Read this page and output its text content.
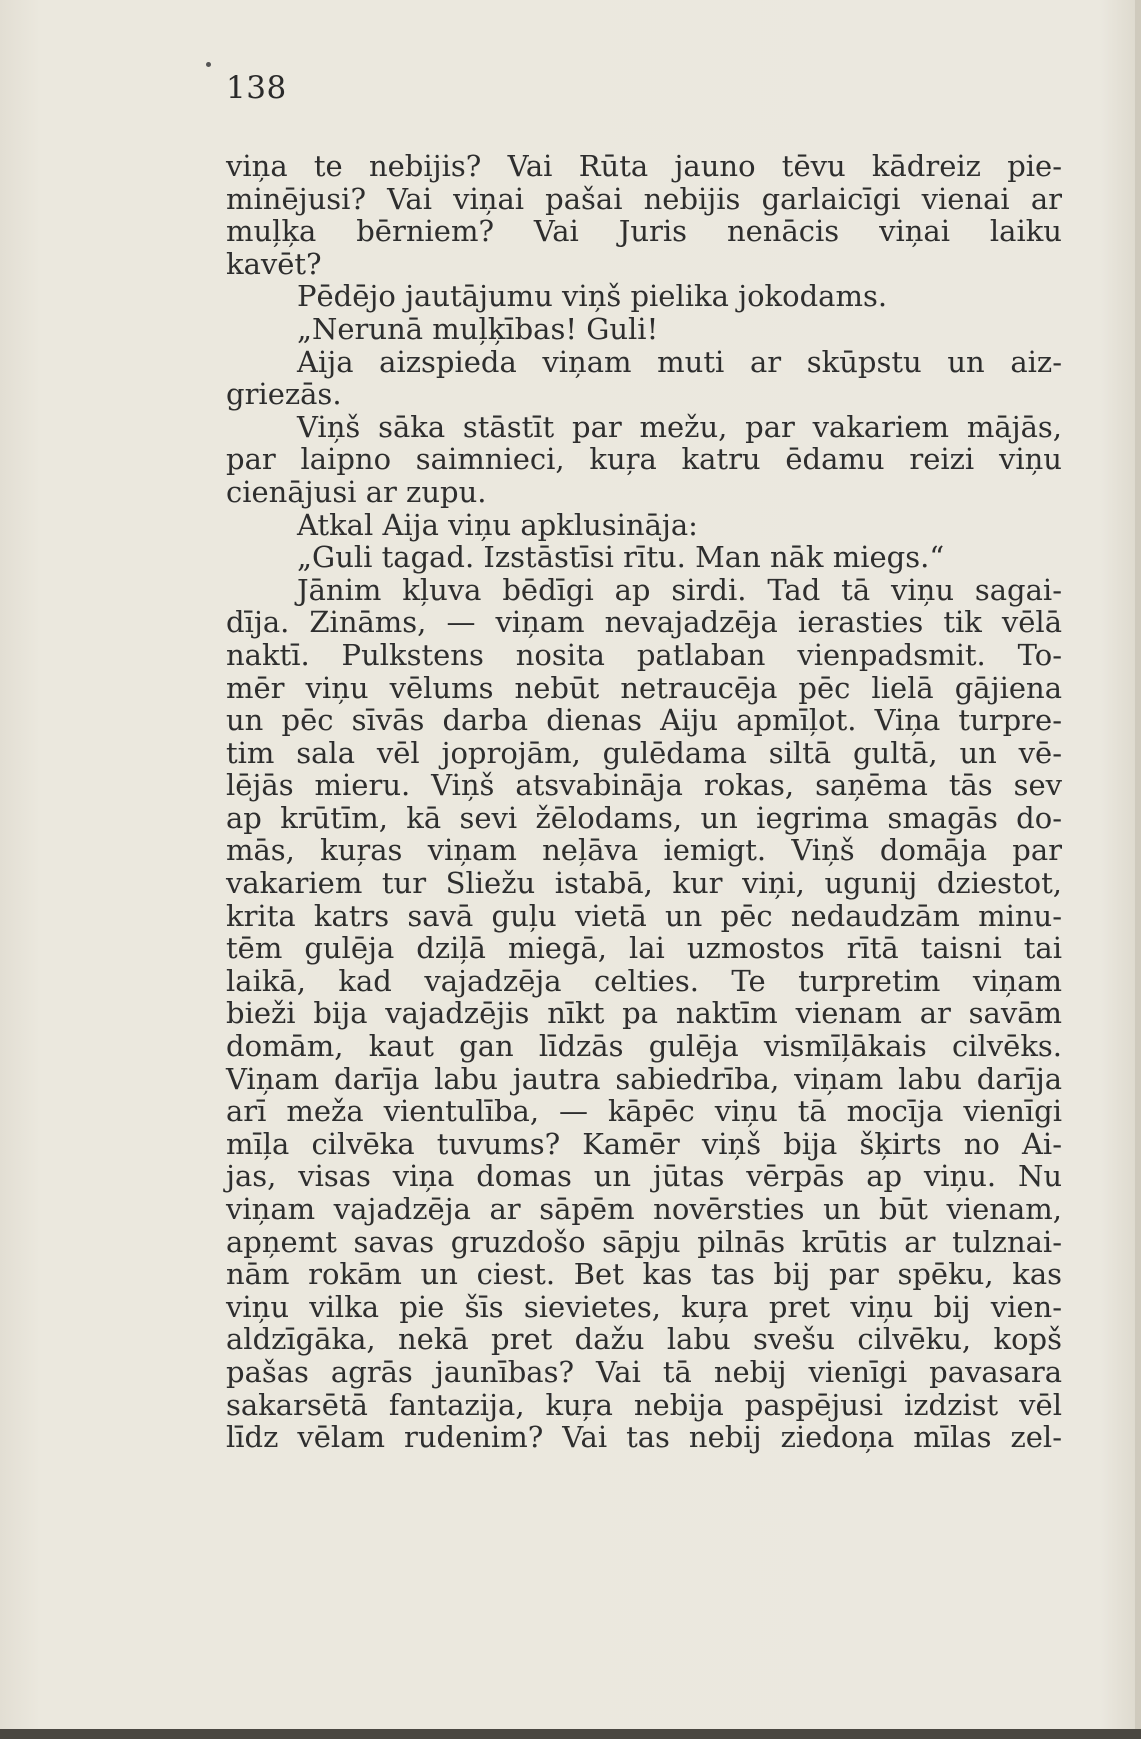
138
viņa te nebijis? Vai Rūta jauno tēvu kādreiz pie-
minējusi? Vai viņai pašai nebijis garlaicīgi vienai ar
muļķa bērniem? Vai Juris nenācis viņai laiku
kavēt?
Pēdējo jautājumu viņš pielika jokodams.
„Nerunā muļķības! Guli!
Aija aizspieda viņam muti ar skūpstu un aiz-
griezās.
Viņš sāka stāstīt par mežu, par vakariem mājās,
par laipno saimnieci, kuŗa katru ēdamu reizi viņu
cienājusi ar zupu.
Atkal Aija viņu apklusināja:
„Guli tagad. Izstāstīsi rītu. Man nāk miegs.“
Jānim kļuva bēdīgi ap sirdi. Tad tā viņu sagai-
dīja. Zināms, — viņam nevajadzēja ierasties tik vēlā
naktī. Pulkstens nosita patlaban vienpadsmit. To-
mēr viņu vēlums nebūt netraucēja pēc lielā gājiena
un pēc sīvās darba dienas Aiju apmīļot. Viņa turpre-
tim sala vēl joprojām, gulēdama siltā gultā, un vē-
lējās mieru. Viņš atsvabināja rokas, saņēma tās sev
ap krūtīm, kā sevi žēlodams, un iegrima smagās do-
mās, kuŗas viņam neļāva iemigt. Viņš domāja par
vakariem tur Sliežu istabā, kur viņi, ugunij dziestot,
krita katrs savā guļu vietā un pēc nedaudzām minu-
tēm gulēja dziļā miegā, lai uzmostos rītā taisni tai
laikā, kad vajadzēja celties. Te turpretim viņam
bieži bija vajadzējis nīkt pa naktīm vienam ar savām
domām, kaut gan līdzās gulēja vismīļākais cilvēks.
Viņam darīja labu jautra sabiedrība, viņam labu darīja
arī meža vientulība, — kāpēc viņu tā mocīja vienīgi
mīļa cilvēka tuvums? Kamēr viņš bija šķirts no Ai-
jas, visas viņa domas un jūtas vērpās ap viņu. Nu
viņam vajadzēja ar sāpēm novērsties un būt vienam,
apņemt savas gruzdošo sāpju pilnās krūtis ar tulznai-
nām rokām un ciest. Bet kas tas bij par spēku, kas
viņu vilka pie šīs sievietes, kuŗa pret viņu bij vien-
aldzīgāka, nekā pret dažu labu svešu cilvēku, kopš
pašas agrās jaunības? Vai tā nebij vienīgi pavasara
sakarsētā fantazija, kuŗa nebija paspējusi izdzist vēl
līdz vēlam rudenim? Vai tas nebij ziedoņa mīlas zel-
